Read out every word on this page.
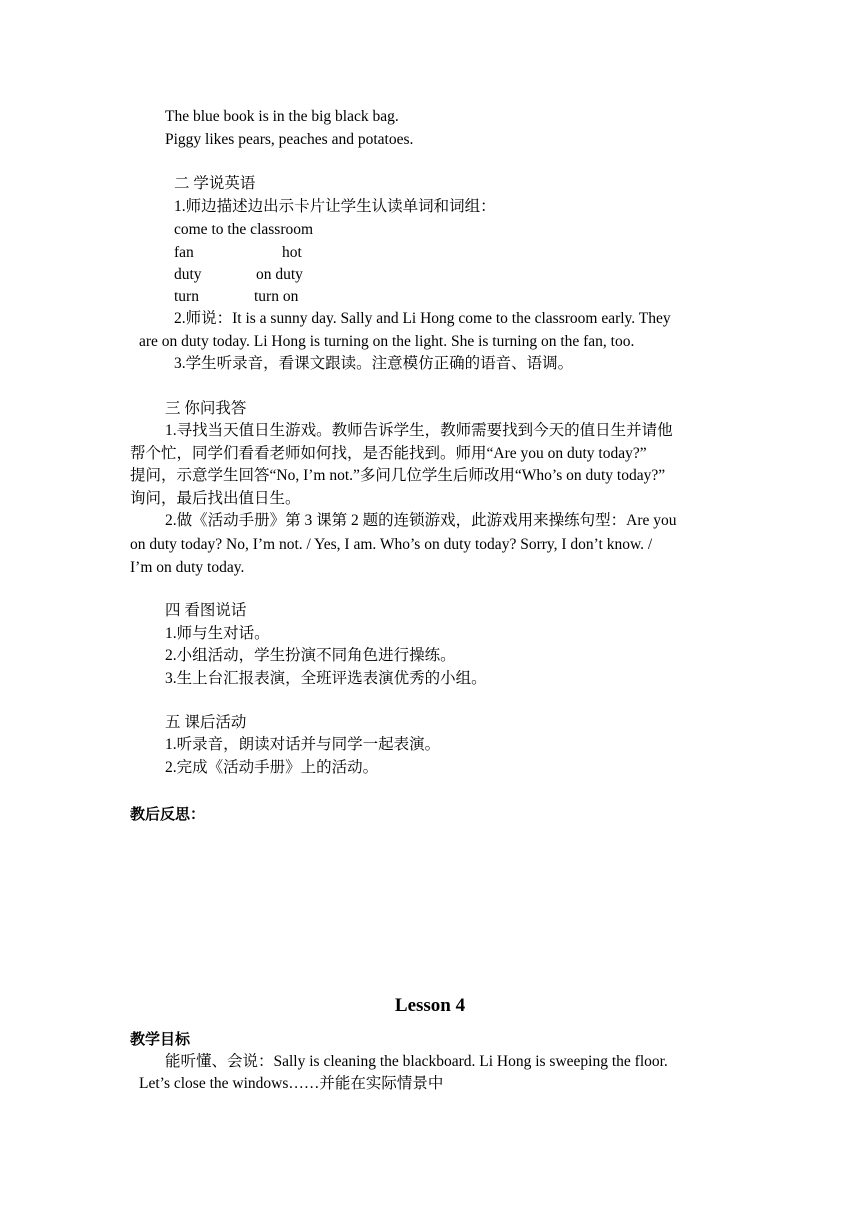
The blue book is in the big black bag.
Piggy likes pears, peaches and potatoes.
二 学说英语
1.师边描述边出示卡片让学生认读单词和词组：
come to the classroom
fan	hot
duty	on duty
turn	turn on
2.师说：It is a sunny day. Sally and Li Hong come to the classroom early. They
are on duty today. Li Hong is turning on the light. She is turning on the fan, too.
3.学生听录音，看课文跟读。注意模仿正确的语音、语调。
三 你问我答
1.寻找当天值日生游戏。教师告诉学生，教师需要找到今天的值日生并请他
帮个忙，同学们看看老师如何找，是否能找到。师用“Are you on duty today?”
提问，示意学生回答“No, I’m not.”多问几位学生后师改用“Who’s on duty today?”
询问，最后找出值日生。
2.做《活动手册》第 3 课第 2 题的连锁游戏，此游戏用来操练句型：Are you
on duty today? No, I’m not. / Yes, I am. Who’s on duty today? Sorry, I don’t know. /
I’m on duty today.
四 看图说话
1.师与生对话。
2.小组活动，学生扮演不同角色进行操练。
3.生上台汇报表演，全班评选表演优秀的小组。
五 课后活动
1.听录音，朗读对话并与同学一起表演。
2.完成《活动手册》上的活动。
教后反思：
Lesson 4
教学目标
能听懂、会说：Sally is cleaning the blackboard. Li Hong is sweeping the floor.
Let’s close the windows……并能在实际情景中
